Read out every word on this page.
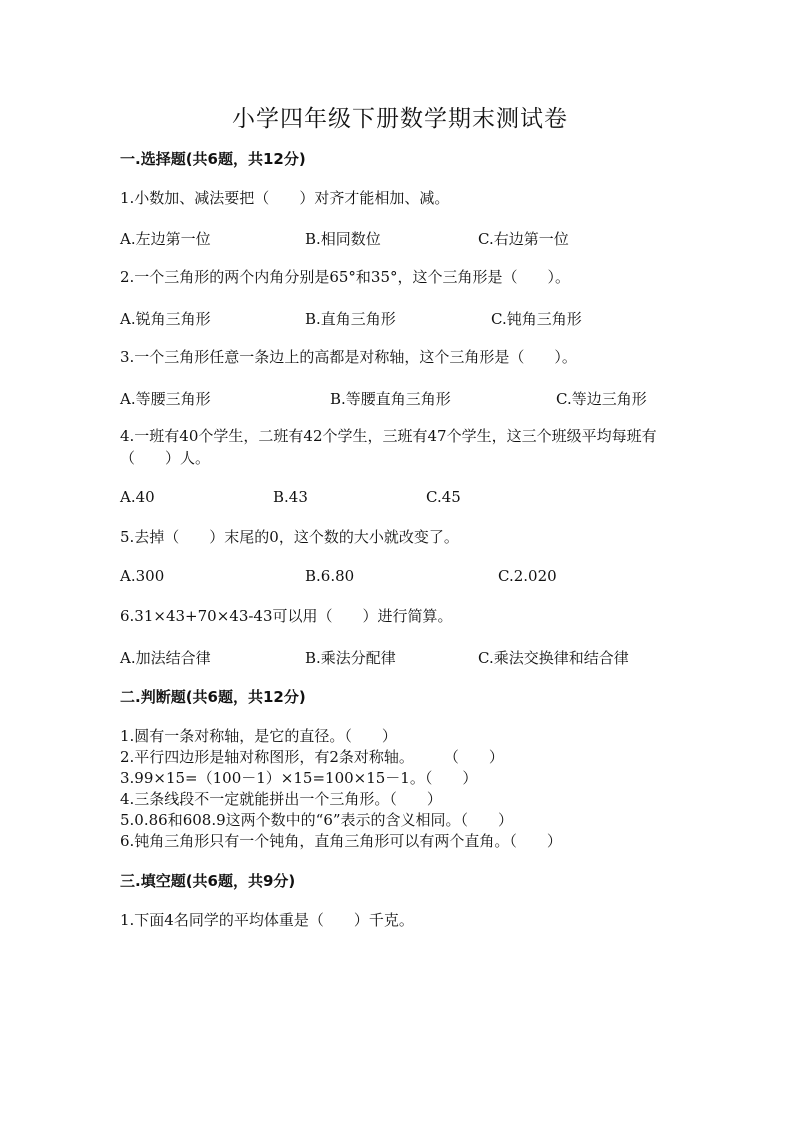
小学四年级下册数学期末测试卷
一.选择题(共6题，共12分)
1.小数加、减法要把（　　）对齐才能相加、减。
A.左边第一位	B.相同数位	C.右边第一位
2.一个三角形的两个内角分别是65°和35°，这个三角形是（　　）。
A.锐角三角形	B.直角三角形	C.钝角三角形
3.一个三角形任意一条边上的高都是对称轴，这个三角形是（　　）。
A.等腰三角形	B.等腰直角三角形	C.等边三角形
4.一班有40个学生，二班有42个学生，三班有47个学生，这三个班级平均每班有（　　）人。
A.40	B.43	C.45
5.去掉（　　）末尾的0，这个数的大小就改变了。
A.300	B.6.80	C.2.020
6.31×43+70×43-43可以用（　　）进行简算。
A.加法结合律	B.乘法分配律	C.乘法交换律和结合律
二.判断题(共6题，共12分)
1.圆有一条对称轴，是它的直径。（　　）
2.平行四边形是轴对称图形，有2条对称轴。　　　（　　）
3.99×15=（100－1）×15=100×15－1。（　　）
4.三条线段不一定就能拼出一个三角形。（　　）
5.0.86和608.9这两个数中的“6”表示的含义相同。（　　）
6.钝角三角形只有一个钝角，直角三角形可以有两个直角。（　　）
三.填空题(共6题，共9分)
1.下面4名同学的平均体重是（　　）千克。
